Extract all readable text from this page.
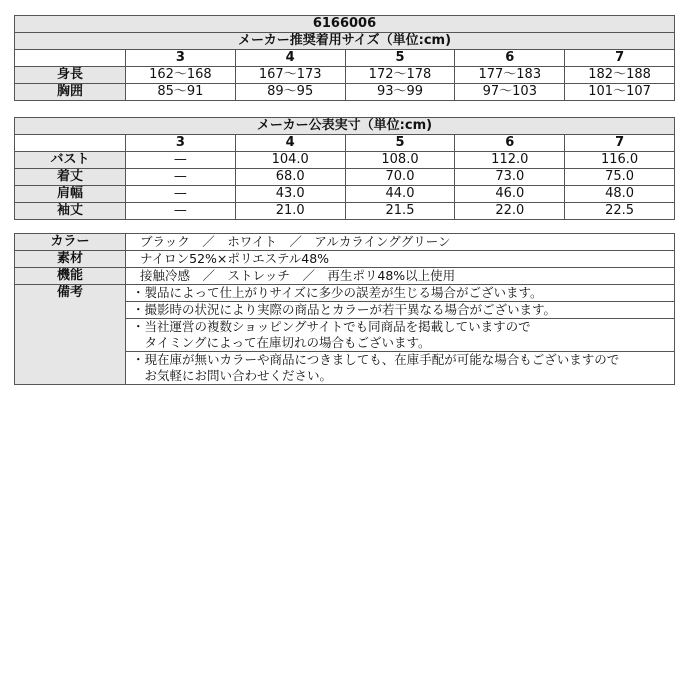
6166006					
メーカー推奨着用サイズ（単位:cm)					
	3	4	5	6	7
身長	162～168	167～173	172～178	177～183	182～188
胸囲	85～91	89～95	93～99	97～103	101～107
メーカー公表実寸（単位:cm)					
	3	4	5	6	7
バスト	—	104.0	108.0	112.0	116.0
着丈	—	68.0	70.0	73.0	75.0
肩幅	—	43.0	44.0	46.0	48.0
袖丈	—	21.0	21.5	22.0	22.5
カラー	ブラック　／　ホワイト　／　アルカラインググリーン
素材	ナイロン52%×ポリエステル48%
機能	接触冷感　／　ストレッチ　／　再生ポリ48%以上使用
備考	・製品によって仕上がりサイズに多少の誤差が生じる場合がございます。

	・撮影時の状況により実際の商品とカラーが若干異なる場合がございます。

	・当社運営の複数ショッピングサイトでも同商品を掲載していますので
　タイミングによって在庫切れの場合もございます。

	・現在庫が無いカラーや商品につきましても、在庫手配が可能な場合もございますので
　お気軽にお問い合わせください。
